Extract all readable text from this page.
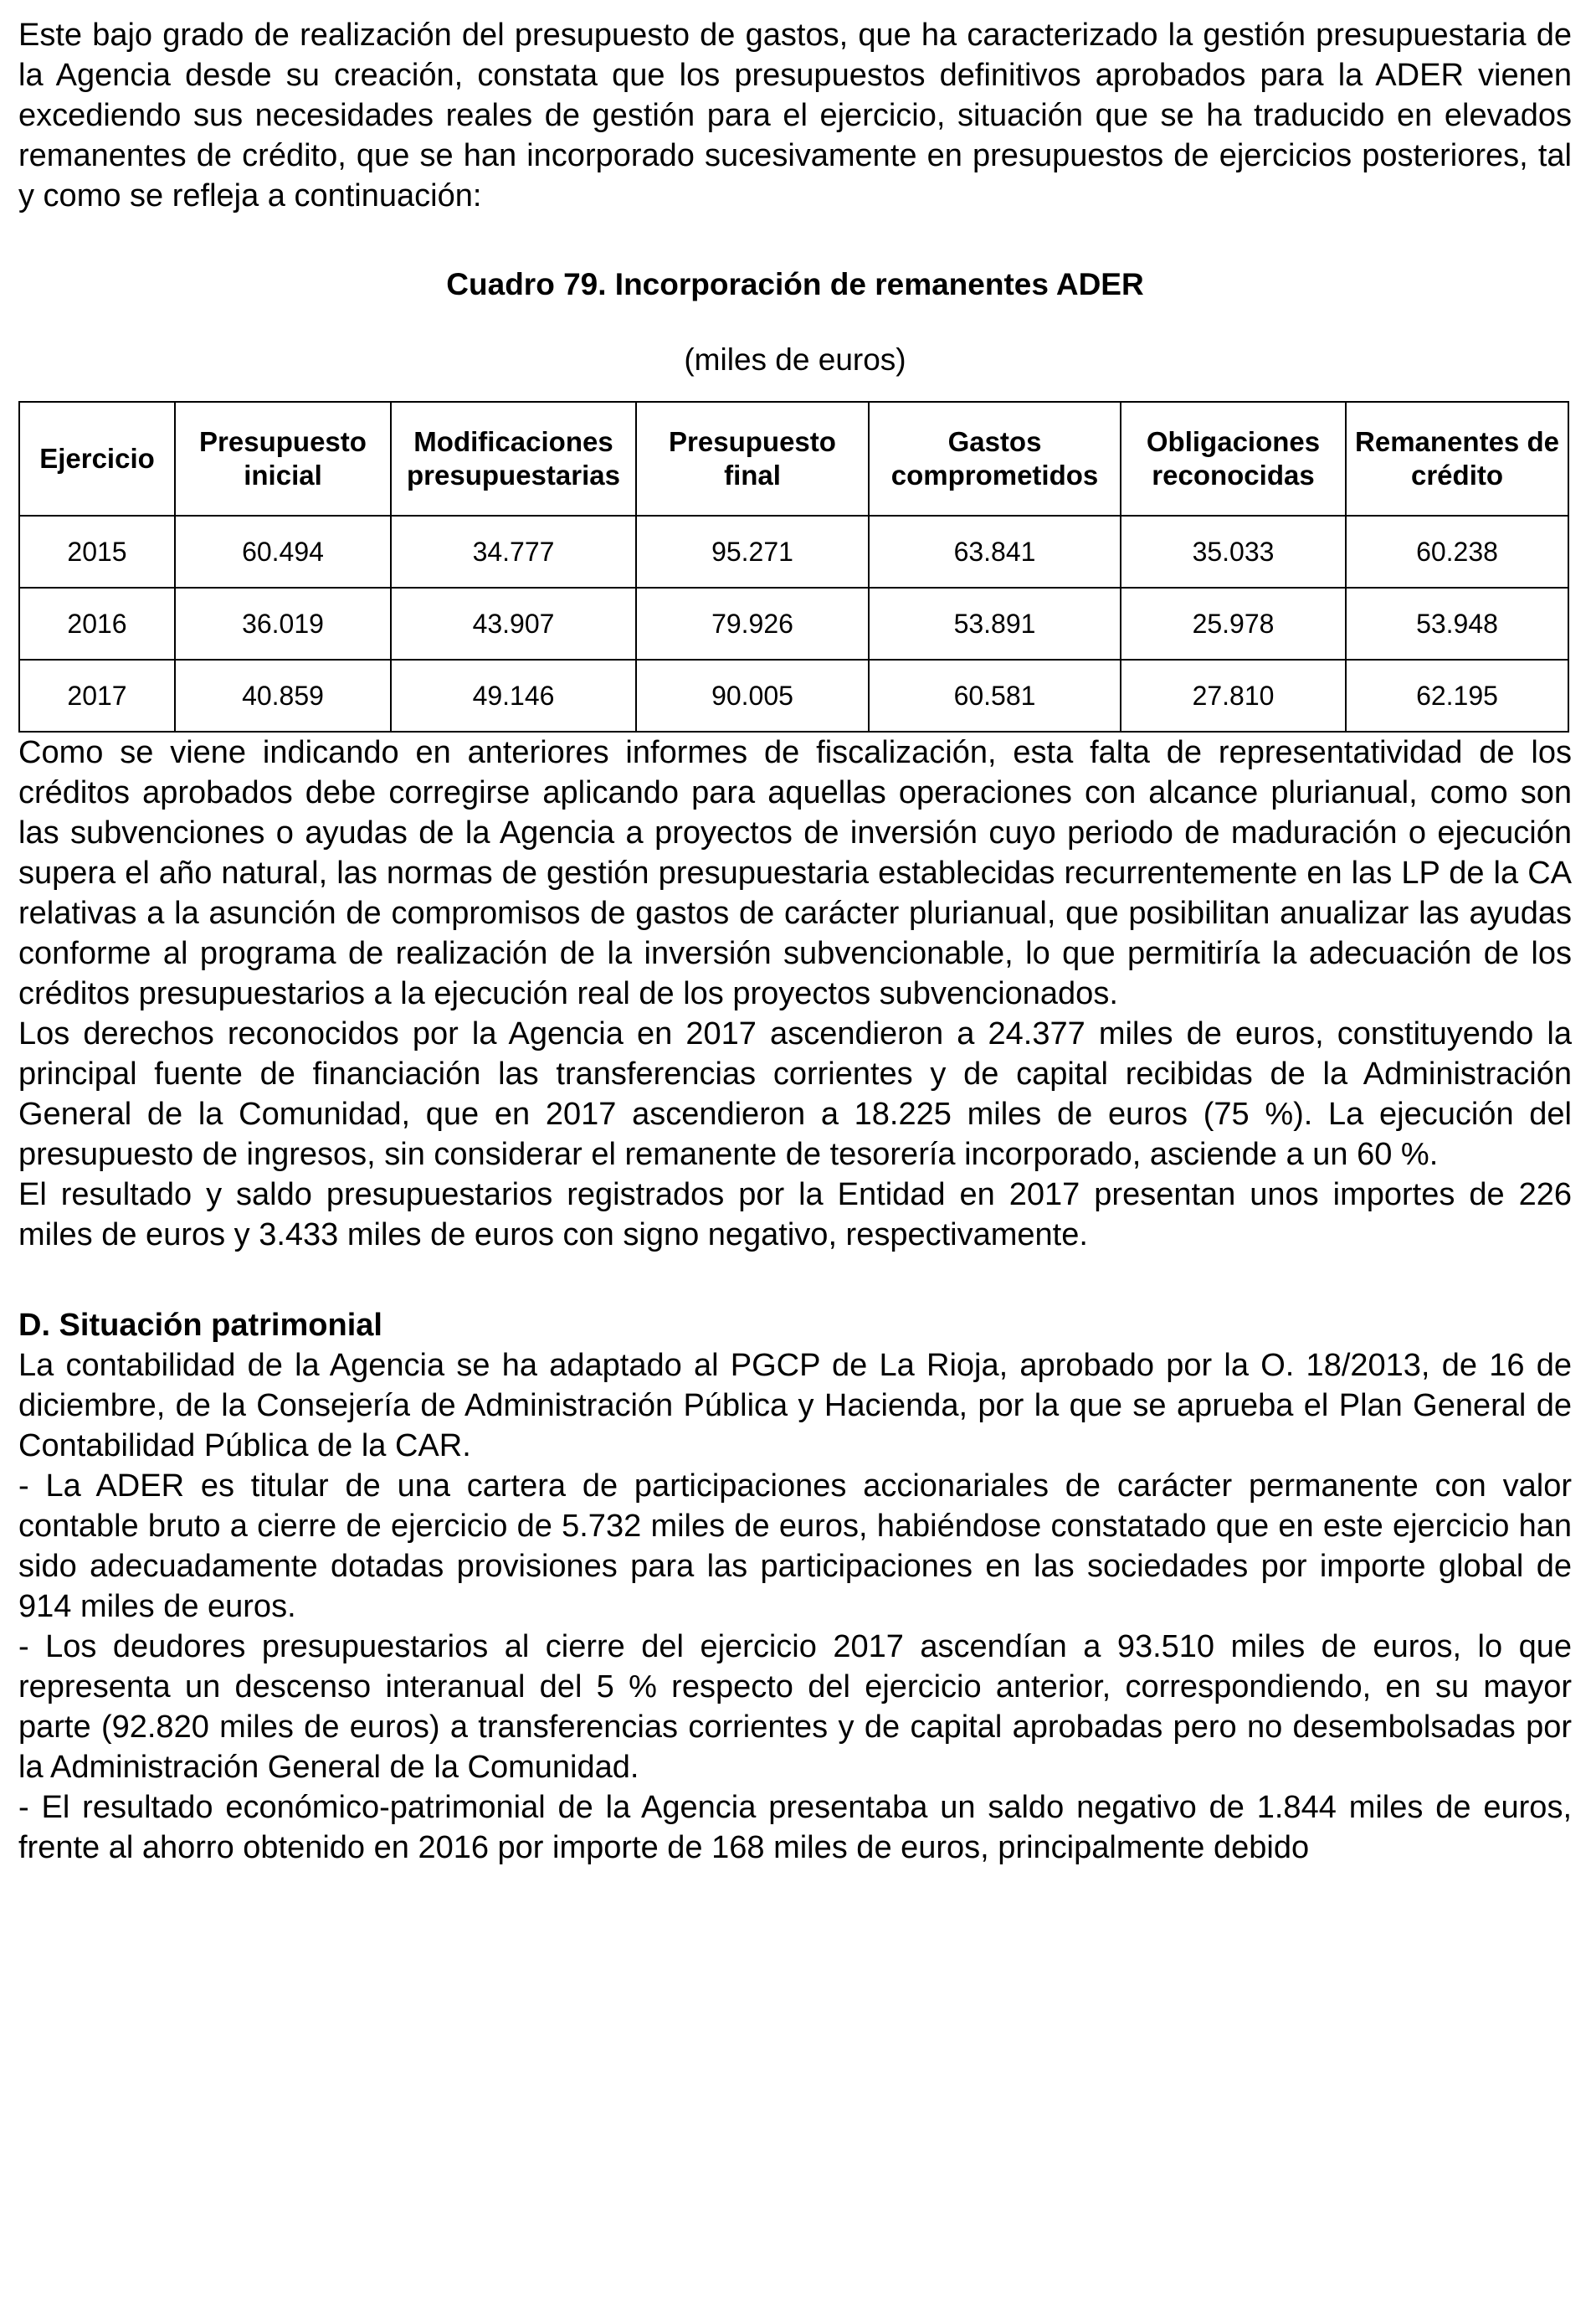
Este bajo grado de realización del presupuesto de gastos, que ha caracterizado la gestión presupuestaria de la Agencia desde su creación, constata que los presupuestos definitivos aprobados para la ADER vienen excediendo sus necesidades reales de gestión para el ejercicio, situación que se ha traducido en elevados remanentes de crédito, que se han incorporado sucesivamente en presupuestos de ejercicios posteriores, tal y como se refleja a continuación:

Cuadro 79. Incorporación de remanentes ADER
(miles de euros)
Ejercicio	Presupuesto inicial	Modificaciones presupuestarias	Presupuesto final	Gastos comprometidos	Obligaciones reconocidas	Remanentes de crédito
2015	60.494	34.777	95.271	63.841	35.033	60.238
2016	36.019	43.907	79.926	53.891	25.978	53.948
2017	40.859	49.146	90.005	60.581	27.810	62.195

Como se viene indicando en anteriores informes de fiscalización, esta falta de representatividad de los créditos aprobados debe corregirse aplicando para aquellas operaciones con alcance plurianual, como son las subvenciones o ayudas de la Agencia a proyectos de inversión cuyo periodo de maduración o ejecución supera el año natural, las normas de gestión presupuestaria establecidas recurrentemente en las LP de la CA relativas a la asunción de compromisos de gastos de carácter plurianual, que posibilitan anualizar las ayudas conforme al programa de realización de la inversión subvencionable, lo que permitiría la adecuación de los créditos presupuestarios a la ejecución real de los proyectos subvencionados.

Los derechos reconocidos por la Agencia en 2017 ascendieron a 24.377 miles de euros, constituyendo la principal fuente de financiación las transferencias corrientes y de capital recibidas de la Administración General de la Comunidad, que en 2017 ascendieron a 18.225 miles de euros (75 %). La ejecución del presupuesto de ingresos, sin considerar el remanente de tesorería incorporado, asciende a un 60 %.

El resultado y saldo presupuestarios registrados por la Entidad en 2017 presentan unos importes de 226 miles de euros y 3.433 miles de euros con signo negativo, respectivamente.

D. Situación patrimonial

La contabilidad de la Agencia se ha adaptado al PGCP de La Rioja, aprobado por la O. 18/2013, de 16 de diciembre, de la Consejería de Administración Pública y Hacienda, por la que se aprueba el Plan General de Contabilidad Pública de la CAR.

- La ADER es titular de una cartera de participaciones accionariales de carácter permanente con valor contable bruto a cierre de ejercicio de 5.732 miles de euros, habiéndose constatado que en este ejercicio han sido adecuadamente dotadas provisiones para las participaciones en las sociedades por importe global de 914 miles de euros.

- Los deudores presupuestarios al cierre del ejercicio 2017 ascendían a 93.510 miles de euros, lo que representa un descenso interanual del 5 % respecto del ejercicio anterior, correspondiendo, en su mayor parte (92.820 miles de euros) a transferencias corrientes y de capital aprobadas pero no desembolsadas por la Administración General de la Comunidad.

- El resultado económico-patrimonial de la Agencia presentaba un saldo negativo de 1.844 miles de euros, frente al ahorro obtenido en 2016 por importe de 168 miles de euros, principalmente debido
